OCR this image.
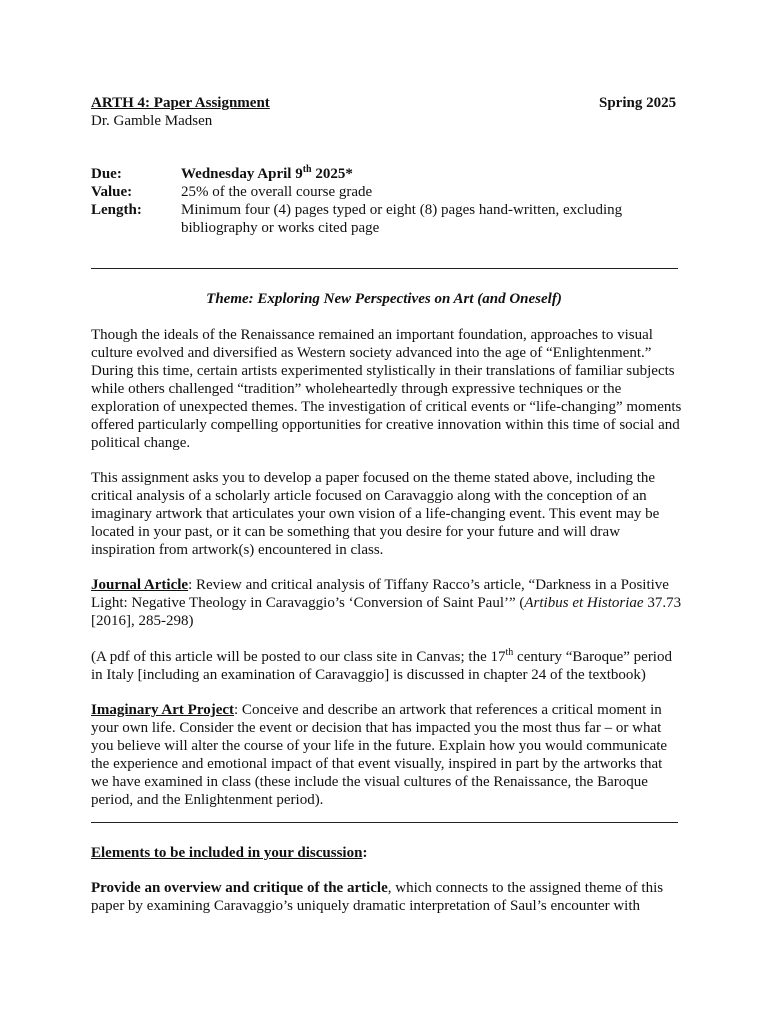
ARTH 4: Paper Assignment	Spring 2025
Dr. Gamble Madsen
Due:	Wednesday April 9th 2025*
Value:	25% of the overall course grade
Length:	Minimum four (4) pages typed or eight (8) pages hand-written, excluding
bibliography or works cited page
Theme: Exploring New Perspectives on Art (and Oneself)
Though the ideals of the Renaissance remained an important foundation, approaches to visual culture evolved and diversified as Western society advanced into the age of “Enlightenment.” During this time, certain artists experimented stylistically in their translations of familiar subjects while others challenged “tradition” wholeheartedly through expressive techniques or the exploration of unexpected themes. The investigation of critical events or “life-changing” moments offered particularly compelling opportunities for creative innovation within this time of social and political change.
This assignment asks you to develop a paper focused on the theme stated above, including the critical analysis of a scholarly article focused on Caravaggio along with the conception of an imaginary artwork that articulates your own vision of a life-changing event. This event may be located in your past, or it can be something that you desire for your future and will draw inspiration from artwork(s) encountered in class.
Journal Article: Review and critical analysis of Tiffany Racco’s article, “Darkness in a Positive Light: Negative Theology in Caravaggio’s ‘Conversion of Saint Paul’” (Artibus et Historiae 37.73 [2016], 285-298)
(A pdf of this article will be posted to our class site in Canvas; the 17th century “Baroque” period in Italy [including an examination of Caravaggio] is discussed in chapter 24 of the textbook)
Imaginary Art Project: Conceive and describe an artwork that references a critical moment in your own life. Consider the event or decision that has impacted you the most thus far – or what you believe will alter the course of your life in the future. Explain how you would communicate the experience and emotional impact of that event visually, inspired in part by the artworks that we have examined in class (these include the visual cultures of the Renaissance, the Baroque period, and the Enlightenment period).
Elements to be included in your discussion:
Provide an overview and critique of the article, which connects to the assigned theme of this paper by examining Caravaggio’s uniquely dramatic interpretation of Saul’s encounter with
